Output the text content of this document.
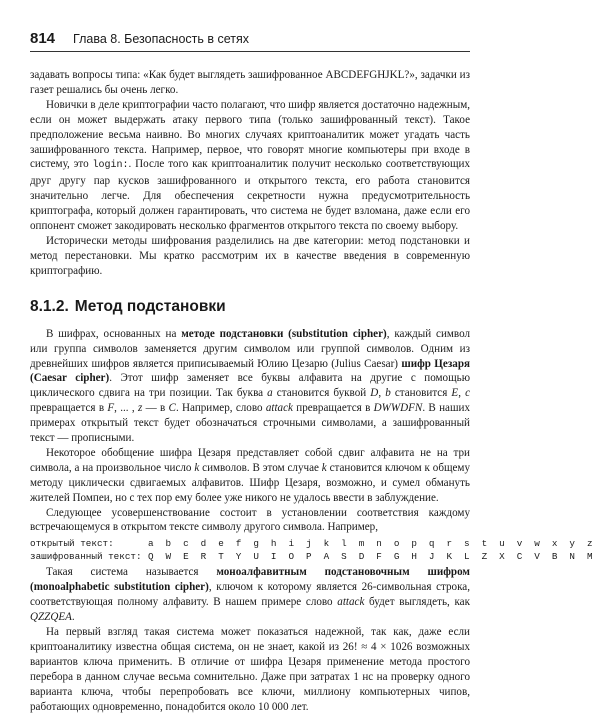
814 Глава 8. Безопасность в сетях

задавать вопросы типа: «Как будет выглядеть зашифрованное ABCDEFGHJKL?», задачки из газет решались бы очень легко.

Новички в деле криптографии часто полагают, что шифр является достаточно надежным, если он может выдержать атаку первого типа (только зашифрованный текст). Такое предположение весьма наивно. Во многих случаях криптоаналитик может угадать часть зашифрованного текста. Например, первое, что говорят многие компьютеры при входе в систему, это login:. После того как криптоаналитик получит несколько соответствующих друг другу пар кусков зашифрованного и открытого текста, его работа становится значительно легче. Для обеспечения секретности нужна предусмотрительность криптографа, который должен гарантировать, что система не будет взломана, даже если его оппонент сможет закодировать несколько фрагментов открытого текста по своему выбору.

Исторически методы шифрования разделились на две категории: метод подстановки и метод перестановки. Мы кратко рассмотрим их в качестве введения в современную криптографию.

8.1.2. Метод подстановки

В шифрах, основанных на методе подстановки (substitution cipher), каждый символ или группа символов заменяется другим символом или группой символов. Одним из древнейших шифров является приписываемый Юлию Цезарю (Julius Caesar) шифр Цезаря (Caesar cipher). Этот шифр заменяет все буквы алфавита на другие с помощью циклического сдвига на три позиции. Так буква a становится буквой D, b становится E, c превращается в F, ... , z — в C. Например, слово attack превращается в DWWDFN. В наших примерах открытый текст будет обозначаться строчными символами, а зашифрованный текст — прописными.

Некоторое обобщение шифра Цезаря представляет собой сдвиг алфавита не на три символа, а на произвольное число k символов. В этом случае k становится ключом к общему методу циклически сдвигаемых алфавитов. Шифр Цезаря, возможно, и сумел обмануть жителей Помпеи, но с тех пор ему более уже никого не удалось ввести в заблуждение.

Следующее усовершенствование состоит в установлении соответствия каждому встречающемуся в открытом тексте символу другого символа. Например,

открытый текст:	a b c d e f g h i j k l m n o p q r s t u v w x y z
зашифрованный текст: Q W E R T Y U I O P A S D F G H J K L Z X C V B N M

Такая система называется моноалфавитным подстановочным шифром (monoalphabetic substitution cipher), ключом к которому является 26-символьная строка, соответствующая полному алфавиту. В нашем примере слово attack будет выглядеть, как QZZQEA.

На первый взгляд такая система может показаться надежной, так как, даже если криптоаналитику известна общая система, он не знает, какой из 26! ≈ 4 × 1026 возможных вариантов ключа применить. В отличие от шифра Цезаря применение метода простого перебора в данном случае весьма сомнительно. Даже при затратах 1 нс на проверку одного варианта ключа, чтобы перепробовать все ключи, миллиону компьютерных чипов, работающих одновременно, понадобится около 10 000 лет.
